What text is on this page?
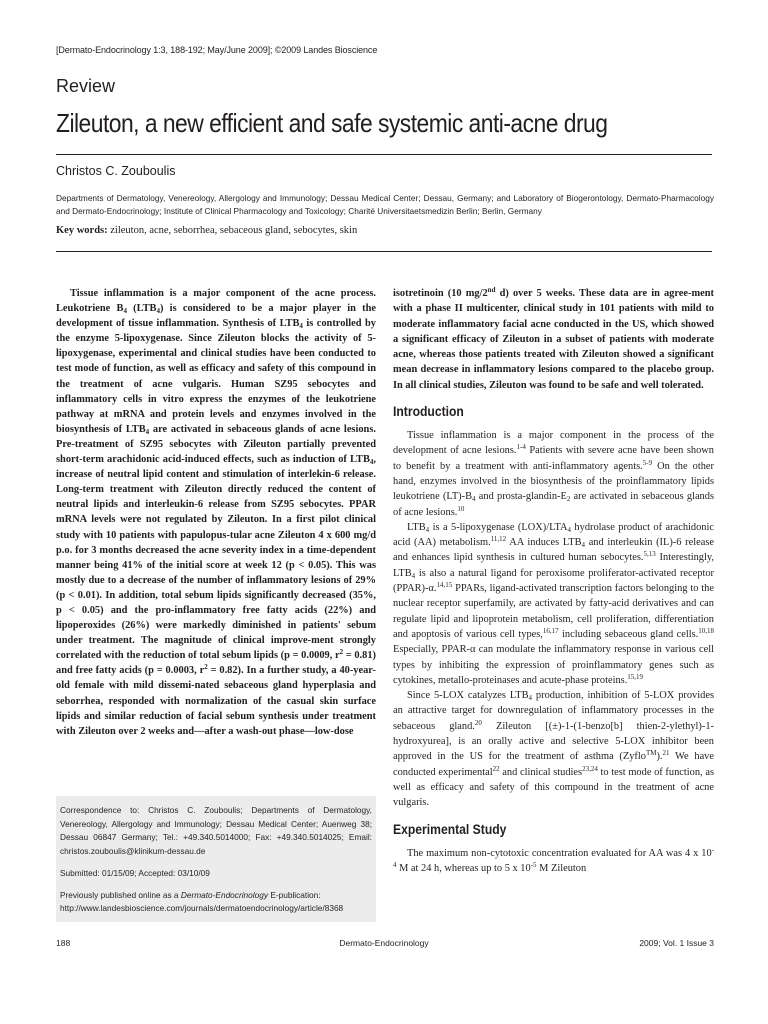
[Dermato-Endocrinology 1:3, 188-192; May/June 2009]; ©2009 Landes Bioscience
Review
Zileuton, a new efficient and safe systemic anti-acne drug
Christos C. Zouboulis
Departments of Dermatology, Venereology, Allergology and Immunology; Dessau Medical Center; Dessau, Germany; and Laboratory of Biogerontology, Dermato-Pharmacology and Dermato-Endocrinology; Institute of Clinical Pharmacology and Toxicology; Charité Universitaetsmedizin Berlin; Berlin, Germany
Key words: zileuton, acne, seborrhea, sebaceous gland, sebocytes, skin

Tissue inflammation is a major component of the acne process. Leukotriene $B_4$ $(LTB_4)$ is considered to be a major player in the development of tissue inflammation. Synthesis of $LTB_4$ is controlled by the enzyme 5-lipoxygenase. Since Zileuton blocks the activity of 5-lipoxygenase, experimental and clinical studies have been conducted to test mode of function, as well as efficacy and safety of this compound in the treatment of acne vulgaris. Human SZ95 sebocytes and inflammatory cells in vitro express the enzymes of the leukotriene pathway at mRNA and protein levels and enzymes involved in the biosynthesis of $LTB_4$ are activated in sebaceous glands of acne lesions. Pre-treatment of SZ95 sebocytes with Zileuton partially prevented short-term arachidonic acid-induced effects, such as induction of $LTB_4$, increase of neutral lipid content and stimulation of interlekin-6 release. Long-term treatment with Zileuton directly reduced the content of neutral lipids and interleukin-6 release from SZ95 sebocytes. PPAR mRNA levels were not regulated by Zileuton. In a first pilot clinical study with 10 patients with papulopus-tular acne Zileuton 4 x 600 mg/d p.o. for 3 months decreased the acne severity index in a time-dependent manner being 41% of the initial score at week 12 (p < 0.05). This was mostly due to a decrease of the number of inflammatory lesions of 29% (p < 0.01). In addition, total sebum lipids significantly decreased (35%, p < 0.05) and the pro-inflammatory free fatty acids (22%) and lipoperoxides (26%) were markedly diminished in patients' sebum under treatment. The magnitude of clinical improve-ment strongly correlated with the reduction of total sebum lipids (p = 0.0009, $r^2 = 0.81$) and free fatty acids (p = 0.0003, $r^2 = 0.82$). In a further study, a 40-year-old female with mild dissemi-nated sebaceous gland hyperplasia and seborrhea, responded with normalization of the casual skin surface lipids and similar reduction of facial sebum synthesis under treatment with Zileuton over 2 weeks and—after a wash-out phase—low-dose

Correspondence to: Christos C. Zouboulis; Departments of Dermatology, Venereology, Allergology and Immunology; Dessau Medical Center; Auenweg 38; Dessau 06847 Germany; Tel.: +49.340.5014000; Fax: +49.340.5014025; Email: christos.zouboulis@klinikum-dessau.de

Submitted: 01/15/09; Accepted: 03/10/09

Previously published online as a Dermato-Endocrinology E-publication:
http://www.landesbioscience.com/journals/dermatoendocrinology/article/8368

isotretinoin (10 mg/2nd d) over 5 weeks. These data are in agree-ment with a phase II multicenter, clinical study in 101 patients with mild to moderate inflammatory facial acne conducted in the US, which showed a significant efficacy of Zileuton in a subset of patients with moderate acne, whereas those patients treated with Zileuton showed a significant mean decrease in inflammatory lesions compared to the placebo group. In all clinical studies, Zileuton was found to be safe and well tolerated.

Introduction

Tissue inflammation is a major component in the process of the development of acne lesions.$^{1-4}$ Patients with severe acne have been shown to benefit by a treatment with anti-inflammatory agents.$^{5-9}$ On the other hand, enzymes involved in the biosynthesis of the proinflammatory lipids leukotriene $(LT)-B_4$ and prosta-$glandin-E_2$ are activated in sebaceous glands of acne lesions.$^{10}$

$LTB_4$ is a 5-lipoxygenase $(LOX)/LTA_4$ hydrolase product of arachidonic acid (AA) metabolism.$^{11,12}$ AA induces $LTB_4$ and interleukin (IL)-6 release and enhances lipid synthesis in cultured human sebocytes.$^{5,13}$ Interestingly, $LTB_4$ is also a natural ligand for peroxisome proliferator-activated receptor (PPAR)-α.$^{14,15}$ PPARs, ligand-activated transcription factors belonging to the nuclear receptor superfamily, are activated by fatty-acid derivatives and can regulate lipid and lipoprotein metabolism, cell proliferation, differentiation and apoptosis of various cell types,$^{16,17}$ including sebaceous gland cells.$^{10,18}$ Especially, PPAR-α can modulate the inflammatory response in various cell types by inhibiting the expression of proinflammatory genes such as cytokines, metallo-proteinases and acute-phase proteins.$^{15,19}$

Since 5-LOX catalyzes $LTB_4$ production, inhibition of 5-LOX provides an attractive target for downregulation of inflammatory processes in the sebaceous gland.$^{20}$ Zileuton [(±)-1-(1-benzo[b] thien-2-ylethyl)-1-hydroxyurea], is an orally active and selective 5-LOX inhibitor been approved in the US for the treatment of asthma (Zyflo™).$^{21}$ We have conducted experimental$^{22}$ and clinical studies$^{23,24}$ to test mode of function, as well as efficacy and safety of this compound in the treatment of acne vulgaris.

Experimental Study

The maximum non-cytotoxic concentration evaluated for AA was 4 x $10^{-4}$ M at 24 h, whereas up to 5 x $10^{-5}$ M Zileuton

188	Dermato-Endocrinology	2009; Vol. 1 Issue 3
